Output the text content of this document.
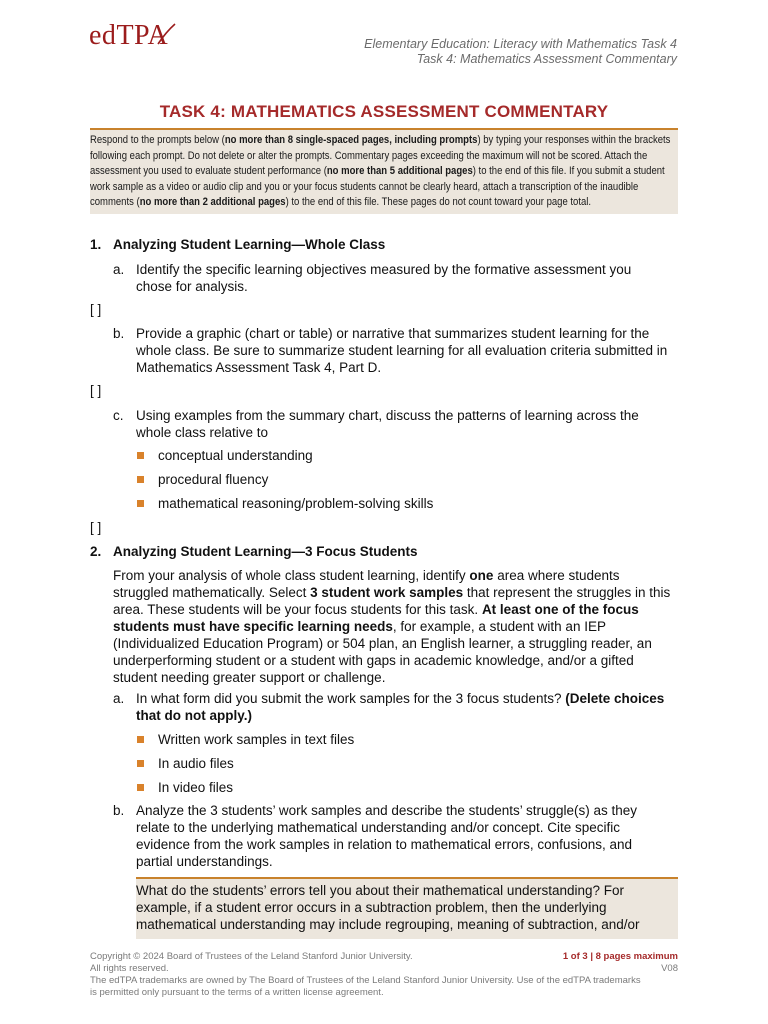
edTPA	Elementary Education: Literacy with Mathematics Task 4
Task 4: Mathematics Assessment Commentary
TASK 4: MATHEMATICS ASSESSMENT COMMENTARY
Respond to the prompts below (no more than 8 single-spaced pages, including prompts) by typing your responses within the brackets following each prompt. Do not delete or alter the prompts. Commentary pages exceeding the maximum will not be scored. Attach the assessment you used to evaluate student performance (no more than 5 additional pages) to the end of this file. If you submit a student work sample as a video or audio clip and you or your focus students cannot be clearly heard, attach a transcription of the inaudible comments (no more than 2 additional pages) to the end of this file. These pages do not count toward your page total.
1. Analyzing Student Learning—Whole Class
a. Identify the specific learning objectives measured by the formative assessment you chose for analysis.
[ ]
b. Provide a graphic (chart or table) or narrative that summarizes student learning for the whole class. Be sure to summarize student learning for all evaluation criteria submitted in Mathematics Assessment Task 4, Part D.
[ ]
c. Using examples from the summary chart, discuss the patterns of learning across the whole class relative to
conceptual understanding
procedural fluency
mathematical reasoning/problem-solving skills
[ ]
2. Analyzing Student Learning—3 Focus Students
From your analysis of whole class student learning, identify one area where students struggled mathematically. Select 3 student work samples that represent the struggles in this area. These students will be your focus students for this task. At least one of the focus students must have specific learning needs, for example, a student with an IEP (Individualized Education Program) or 504 plan, an English learner, a struggling reader, an underperforming student or a student with gaps in academic knowledge, and/or a gifted student needing greater support or challenge.
a. In what form did you submit the work samples for the 3 focus students? (Delete choices that do not apply.)
Written work samples in text files
In audio files
In video files
b. Analyze the 3 students’ work samples and describe the students’ struggle(s) as they relate to the underlying mathematical understanding and/or concept. Cite specific evidence from the work samples in relation to mathematical errors, confusions, and partial understandings.
What do the students’ errors tell you about their mathematical understanding? For example, if a student error occurs in a subtraction problem, then the underlying mathematical understanding may include regrouping, meaning of subtraction, and/or
Copyright © 2024 Board of Trustees of the Leland Stanford Junior University.
All rights reserved.
The edTPA trademarks are owned by The Board of Trustees of the Leland Stanford Junior University. Use of the edTPA trademarks is permitted only pursuant to the terms of a written license agreement.
1 of 3 | 8 pages maximum
V08
